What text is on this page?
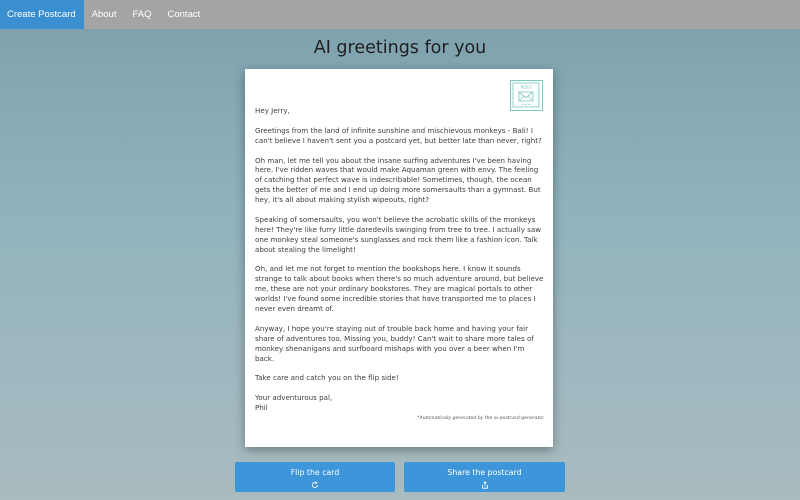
Create Postcard	About	FAQ	Contact
AI greetings for you
POST

Hey Jerry,

Greetings from the land of infinite sunshine and mischievous monkeys - Bali! I can't believe I haven't sent you a postcard yet, but better late than never, right?

Oh man, let me tell you about the insane surfing adventures I've been having here. I've ridden waves that would make Aquaman green with envy. The feeling of catching that perfect wave is indescribable! Sometimes, though, the ocean gets the better of me and I end up doing more somersaults than a gymnast. But hey, it's all about making stylish wipeouts, right?

Speaking of somersaults, you won't believe the acrobatic skills of the monkeys here! They're like furry little daredevils swinging from tree to tree. I actually saw one monkey steal someone's sunglasses and rock them like a fashion icon. Talk about stealing the limelight!

Oh, and let me not forget to mention the bookshops here. I know it sounds strange to talk about books when there's so much adventure around, but believe me, these are not your ordinary bookstores. They are magical portals to other worlds! I've found some incredible stories that have transported me to places I never even dreamt of.

Anyway, I hope you're staying out of trouble back home and having your fair share of adventures too. Missing you, buddy! Can't wait to share more tales of monkey shenanigans and surfboard mishaps with you over a beer when I'm back.

Take care and catch you on the flip side!

Your adventurous pal,

Phil

*Automatically generated by the ai-postcard-generator
Flip the card	Share the postcard
